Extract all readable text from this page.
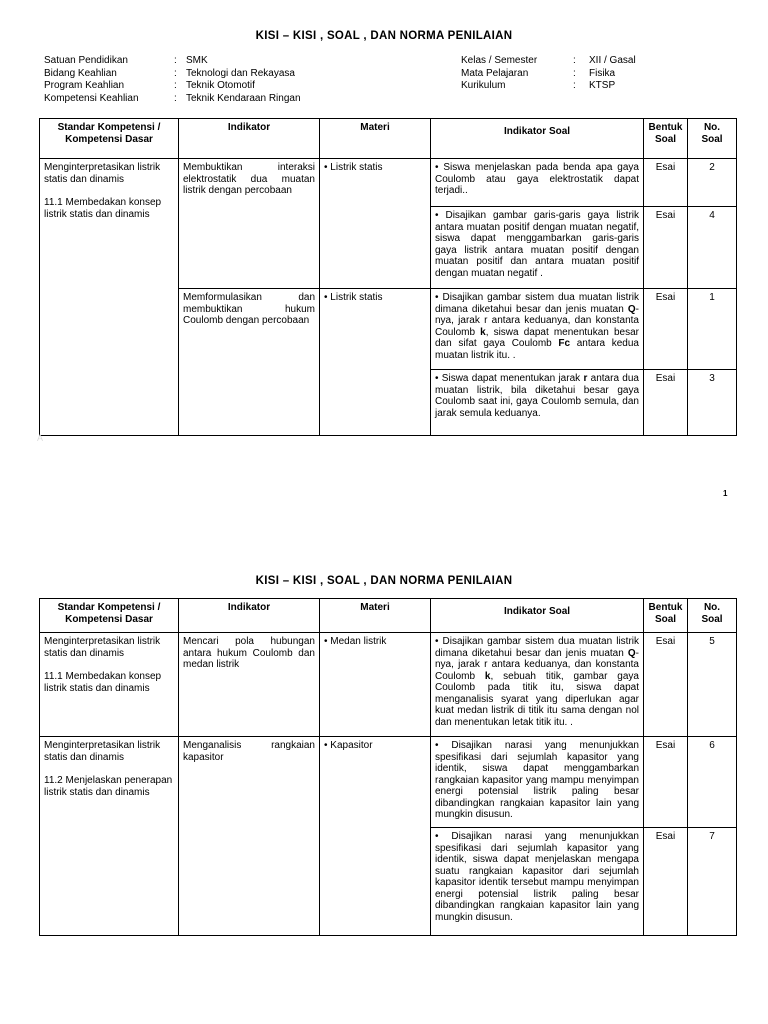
KISI – KISI , SOAL , DAN NORMA PENILAIAN
Satuan Pendidikan	: SMK
Bidang Keahlian	: Teknologi dan Rekayasa
Program Keahlian	: Teknik Otomotif
Kompetensi Keahlian	: Teknik Kendaraan Ringan
Kelas / Semester	:	XII / Gasal
Mata Pelajaran	:	Fisika
Kurikulum	:	KTSP
Standar Kompetensi /
Kompetensi Dasar	Indikator	Materi	Indikator Soal	Bentuk
Soal	No.
Soal

Menginterpretasikan listrik statis dan dinamis
11.1 Membedakan konsep listrik statis dan dinamis	Membuktikan interaksi elektrostatik dua muatan listrik dengan percobaan	• Listrik statis	• Siswa menjelaskan pada benda apa gaya Coulomb atau gaya elektrostatik dapat terjadi..	Esai	2
			• Disajikan gambar garis-garis gaya listrik antara muatan positif dengan muatan negatif, siswa dapat menggambarkan garis-garis gaya listrik antara muatan positif dengan muatan positif dan antara muatan positif dengan muatan negatif .	Esai	4
	Memformulasikan dan membuktikan hukum Coulomb dengan percobaan	• Listrik statis	• Disajikan gambar sistem dua muatan listrik dimana diketahui besar dan jenis muatan Q-nya, jarak r antara keduanya, dan konstanta Coulomb k, siswa dapat menentukan besar dan sifat gaya Coulomb Fc antara kedua muatan listrik itu. .	Esai	1
			• Siswa dapat menentukan jarak r antara dua muatan listrik, bila diketahui besar gaya Coulomb saat ini, gaya Coulomb semula, dan jarak semula keduanya.	Esai	3
A
1
KISI – KISI , SOAL , DAN NORMA PENILAIAN
Standar Kompetensi /
Kompetensi Dasar	Indikator	Materi	Indikator Soal	Bentuk
Soal	No.
Soal

Menginterpretasikan listrik statis dan dinamis
11.1 Membedakan konsep listrik statis dan dinamis	Mencari pola hubungan antara hukum Coulomb dan medan listrik	• Medan listrik	• Disajikan gambar sistem dua muatan listrik dimana diketahui besar dan jenis muatan Q-nya, jarak r antara keduanya, dan konstanta Coulomb k, sebuah titik, gambar gaya Coulomb pada titik itu, siswa dapat menganalisis syarat yang diperlukan agar kuat medan listrik di titik itu sama dengan nol dan menentukan letak titik itu. .	Esai	5

Menginterpretasikan listrik statis dan dinamis
11.2 Menjelaskan penerapan listrik statis dan dinamis	Menganalisis rangkaian kapasitor	• Kapasitor	• Disajikan narasi yang menunjukkan spesifikasi dari sejumlah kapasitor yang identik, siswa dapat menggambarkan rangkaian kapasitor yang mampu menyimpan energi potensial listrik paling besar dibandingkan rangkaian kapasitor lain yang mungkin disusun.	Esai	6
			• Disajikan narasi yang menunjukkan spesifikasi dari sejumlah kapasitor yang identik, siswa dapat menjelaskan mengapa suatu rangkaian kapasitor dari sejumlah kapasitor identik tersebut mampu menyimpan energi potensial listrik paling besar dibandingkan rangkaian kapasitor lain yang mungkin disusun.	Esai	7
